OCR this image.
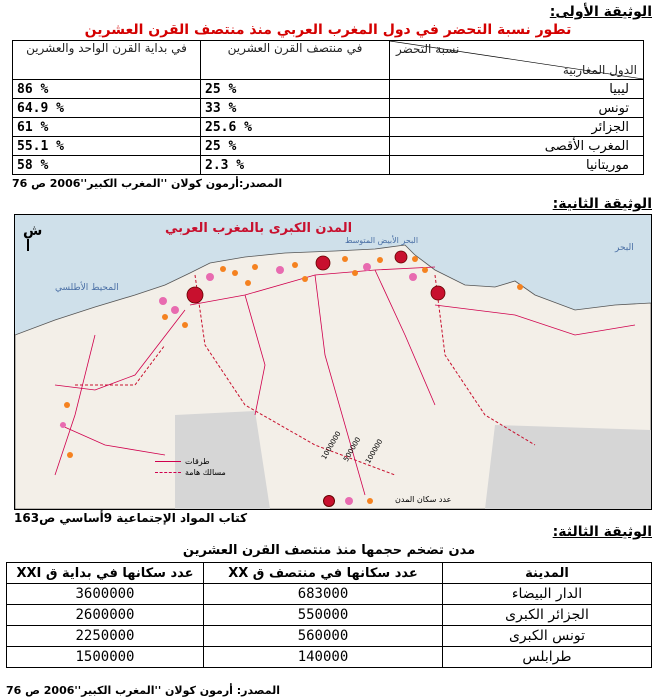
الوثيقة الأولى:
تطور نسبة التحضر في دول المغرب العربي منذ منتصف القرن العشرين
نسبة التحضر
الدول المغاربية	في منتصف القرن العشرين	في بداية القرن الواحد والعشرين
ليبيا	25 %	86 %
تونس	33 %	64.9 %
الجزائر	25.6 %	61 %
المغرب الأقصى	25 %	55.1 %
موريتانيا	2.3 %	58 %
المصدر:أرمون كولان ''المغرب الكبير''2006 ص 76
الوثيقة الثانية:
المحيط الأطلسي
البحر الأبيض المتوسط
البحر
المدن الكبرى بالمغرب العربي
ش
طرقات
مسالك هامة
1000000 500000 100000
عدد سكان المدن
كتاب المواد الإجتماعية 9أساسي ص163
الوثيقة الثالثة:
مدن تضخم حجمها منذ منتصف القرن العشرين
المدينة	عدد سكانها في منتصف ق XX	عدد سكانها في بداية ق XXI
الدار البيضاء	683000	3600000
الجزائر الكبرى	550000	2600000
تونس الكبرى	560000	2250000
طرابلس	140000	1500000
المصدر: أرمون كولان ''المغرب الكبير''2006 ص 76
